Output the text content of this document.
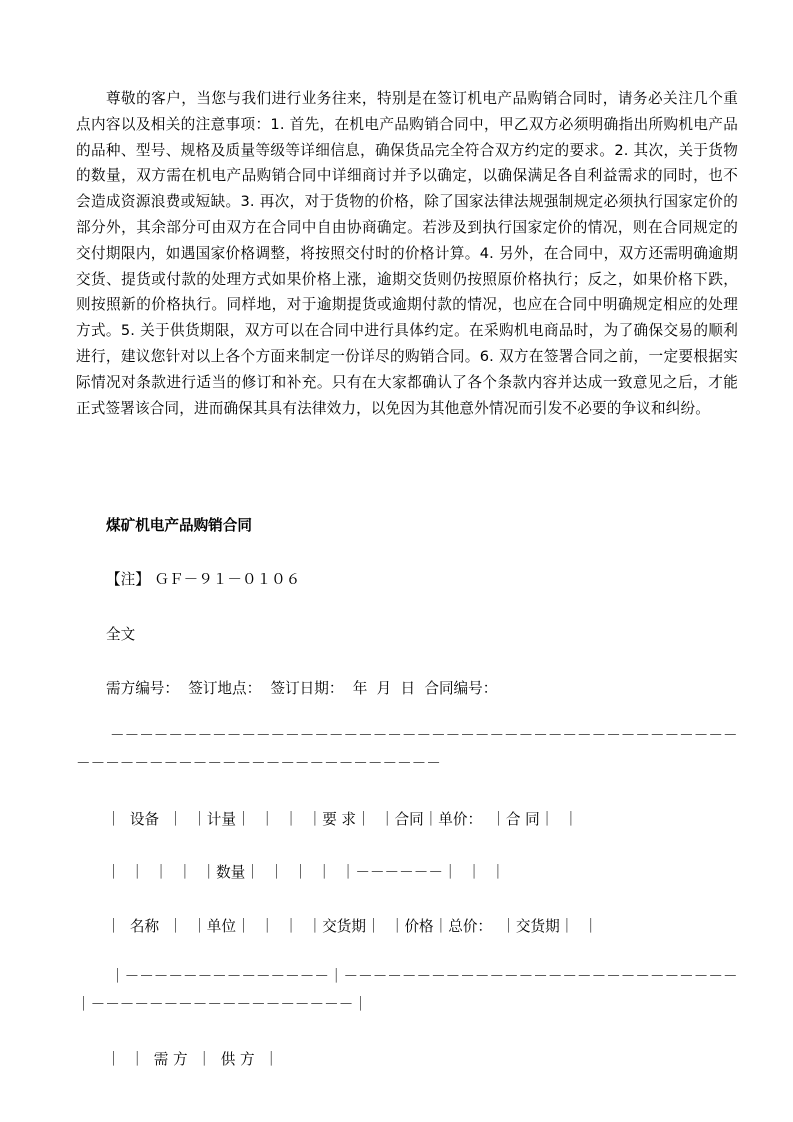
尊敬的客户，当您与我们进行业务往来，特别是在签订机电产品购销合同时，请务必关注几个重点内容以及相关的注意事项：1. 首先，在机电产品购销合同中，甲乙双方必须明确指出所购机电产品的品种、型号、规格及质量等级等详细信息，确保货品完全符合双方约定的要求。2. 其次，关于货物的数量，双方需在机电产品购销合同中详细商讨并予以确定，以确保满足各自利益需求的同时，也不会造成资源浪费或短缺。3. 再次，对于货物的价格，除了国家法律法规强制规定必须执行国家定价的部分外，其余部分可由双方在合同中自由协商确定。若涉及到执行国家定价的情况，则在合同规定的交付期限内，如遇国家价格调整，将按照交付时的价格计算。4. 另外，在合同中，双方还需明确逾期交货、提货或付款的处理方式如果价格上涨，逾期交货则仍按照原价格执行；反之，如果价格下跌，则按照新的价格执行。同样地，对于逾期提货或逾期付款的情况，也应在合同中明确规定相应的处理方式。5. 关于供货期限，双方可以在合同中进行具体约定。在采购机电商品时，为了确保交易的顺利进行，建议您针对以上各个方面来制定一份详尽的购销合同。6. 双方在签署合同之前，一定要根据实际情况对条款进行适当的修订和补充。只有在大家都确认了各个条款内容并达成一致意见之后，才能正式签署该合同，进而确保其具有法律效力，以免因为其他意外情况而引发不必要的争议和纠纷。

煤矿机电产品购销合同

【注】 ＧＦ－９１－０１０６

全文

需方编号：  签订地点：  签订日期：  年  月  日  合同编号：

－－－－－－－－－－－－－－－－－－－－－－－－－－－－－－－－－－－－－－－－－－－－－－－－－－－－－－－－－－－－－－－－－－－－

｜  设备  ｜  ｜计量｜  ｜  ｜  ｜要 求｜  ｜合同｜单价：  ｜合 同｜  ｜

｜  ｜  ｜  ｜  ｜数量｜  ｜  ｜  ｜  ｜－－－－－－｜  ｜  ｜

｜  名称  ｜  ｜单位｜  ｜  ｜  ｜交货期｜  ｜价格｜总价：  ｜交货期｜  ｜

｜－－－－－－－－－－－－－－｜－－－－－－－－－－－－－－－－－－－－－－－－－－－｜－－－－－－－－－－－－－－－－－－｜

｜  ｜  需 方  ｜  供 方  ｜
